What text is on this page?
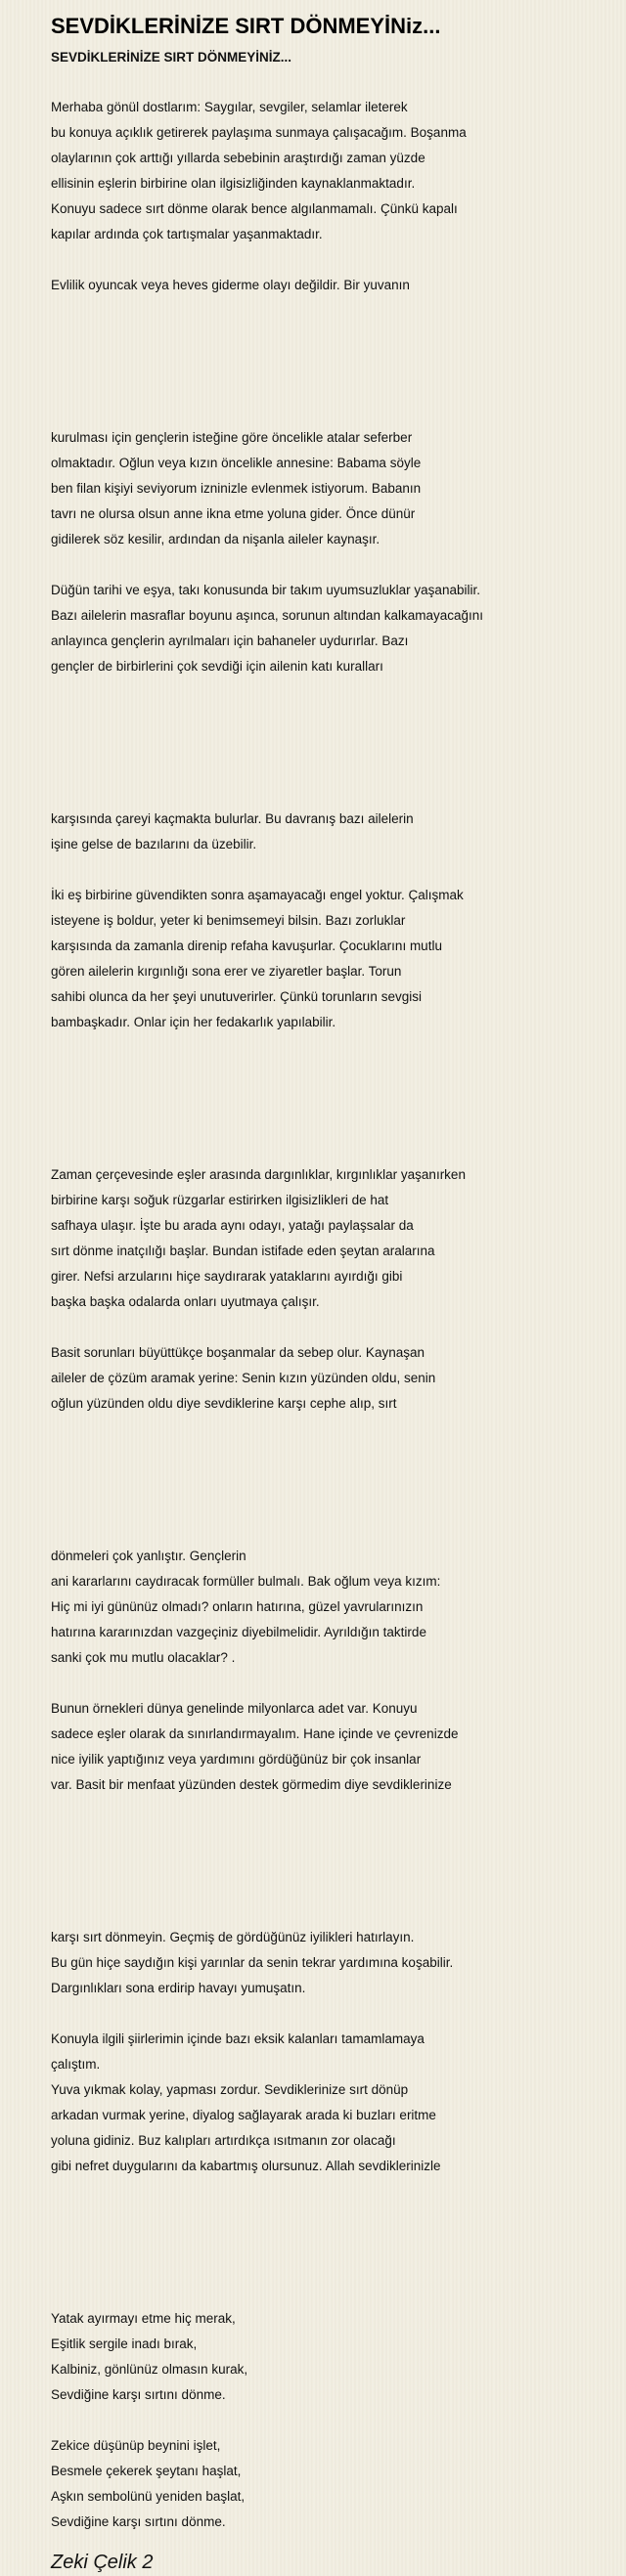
SEVDİKLERİNİZE SIRT DÖNMEYİNiz...
SEVDİKLERİNİZE SIRT DÖNMEYİNİZ...
Merhaba gönül dostlarım: Saygılar, sevgiler, selamlar ileterek
bu konuya açıklık getirerek paylaşıma sunmaya çalışacağım. Boşanma
olaylarının çok arttığı yıllarda sebebinin araştırdığı zaman yüzde
ellisinin eşlerin birbirine olan ilgisizliğinden kaynaklanmaktadır.
Konuyu sadece sırt dönme olarak bence algılanmamalı. Çünkü kapalı
kapılar ardında çok tartışmalar yaşanmaktadır.
Evlilik oyuncak veya heves giderme olayı değildir. Bir yuvanın
kurulması için gençlerin isteğine göre öncelikle atalar seferber
olmaktadır. Oğlun veya kızın öncelikle annesine: Babama söyle
ben filan kişiyi seviyorum izninizle evlenmek istiyorum. Babanın
tavrı ne olursa olsun anne ikna etme yoluna gider. Önce dünür
gidilerek söz kesilir, ardından da nişanla aileler kaynaşır.
Düğün tarihi ve eşya, takı konusunda bir takım uyumsuzluklar yaşanabilir.
Bazı ailelerin masraflar boyunu aşınca, sorunun altından kalkamayacağını
anlayınca gençlerin ayrılmaları için bahaneler uydurırlar. Bazı
gençler de birbirlerini çok sevdiği için ailenin katı kuralları
karşısında çareyi kaçmakta bulurlar. Bu davranış bazı ailelerin
işine gelse de bazılarını da üzebilir.
İki eş birbirine güvendikten sonra aşamayacağı engel yoktur. Çalışmak
isteyene iş boldur, yeter ki benimsemeyi bilsin. Bazı zorluklar
karşısında da zamanla direnip refaha kavuşurlar. Çocuklarını mutlu
gören ailelerin kırgınlığı sona erer ve ziyaretler başlar. Torun
sahibi olunca da her şeyi unutuverirler. Çünkü torunların sevgisi
bambaşkadır. Onlar için her fedakarlık yapılabilir.
Zaman çerçevesinde eşler arasında dargınlıklar, kırgınlıklar yaşanırken
birbirine karşı soğuk rüzgarlar estirirken ilgisizlikleri de hat
safhaya ulaşır. İşte bu arada aynı odayı, yatağı paylaşsalar da
sırt dönme inatçılığı başlar. Bundan istifade eden şeytan aralarına
girer. Nefsi arzularını hiçe saydırarak yataklarını ayırdığı gibi
başka başka odalarda onları uyutmaya çalışır.
Basit sorunları büyüttükçe boşanmalar da sebep olur. Kaynaşan
aileler de çözüm aramak yerine: Senin kızın yüzünden oldu, senin
oğlun yüzünden oldu diye sevdiklerine karşı cephe alıp, sırt
dönmeleri çok yanlıştır. Gençlerin
ani kararlarını caydıracak formüller bulmalı. Bak oğlum veya kızım:
Hiç mi iyi gününüz olmadı? onların hatırına, güzel yavrularınızın
hatırına kararınızdan vazgeçiniz diyebilmelidir. Ayrıldığın taktirde
sanki çok mu mutlu olacaklar? .
Bunun örnekleri dünya genelinde milyonlarca adet var. Konuyu
sadece eşler olarak da sınırlandırmayalım. Hane içinde ve çevrenizde
nice iyilik yaptığınız veya yardımını gördüğünüz bir çok insanlar
var. Basit bir menfaat yüzünden destek görmedim diye sevdiklerinize
karşı sırt dönmeyin. Geçmiş de gördüğünüz iyilikleri hatırlayın.
Bu gün hiçe saydığın kişi yarınlar da senin tekrar yardımına koşabilir.
Dargınlıkları sona erdirip havayı yumuşatın.
Konuyla ilgili şiirlerimin içinde bazı eksik kalanları tamamlamaya
çalıştım.
Yuva yıkmak kolay, yapması zordur. Sevdiklerinize sırt dönüp
arkadan vurmak yerine, diyalog sağlayarak arada ki buzları eritme
yoluna gidiniz. Buz kalıpları artırdıkça ısıtmanın zor olacağı
gibi nefret duygularını da kabartmış olursunuz. Allah sevdiklerinizle
Yatak ayırmayı etme hiç merak,
Eşitlik sergile inadı bırak,
Kalbiniz, gönlünüz olmasın kurak,
Sevdiğine karşı sırtını dönme.
Zekice düşünüp beynini işlet,
Besmele çekerek şeytanı haşlat,
Aşkın sembolünü yeniden başlat,
Sevdiğine karşı sırtını dönme.
Zeki Çelik 2
